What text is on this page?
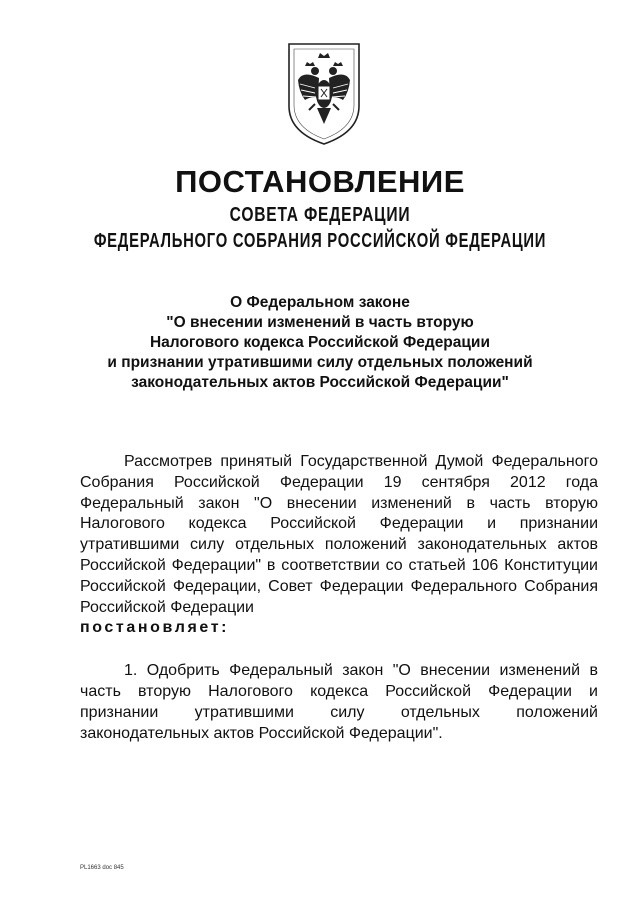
ПОСТАНОВЛЕНИЕ
СОВЕТА ФЕДЕРАЦИИ
ФЕДЕРАЛЬНОГО СОБРАНИЯ РОССИЙСКОЙ ФЕДЕРАЦИИ
О Федеральном законе
"О внесении изменений в часть вторую
Налогового кодекса Российской Федерации
и признании утратившими силу отдельных положений
законодательных актов Российской Федерации"

Рассмотрев принятый Государственной Думой Федерального Собрания Российской Федерации 19 сентября 2012 года Федеральный закон "О внесении изменений в часть вторую Налогового кодекса Российской Федерации и признании утратившими силу отдельных положений законодательных актов Российской Федерации" в соответствии со статьей 106 Конституции Российской Федерации, Совет Федерации Федерального Собрания Российской Федерации

постановляет:

1. Одобрить Федеральный закон "О внесении изменений в часть вторую Налогового кодекса Российской Федерации и признании утратившими силу отдельных положений законодательных актов Российской Федерации".

PL1663 doc 845
